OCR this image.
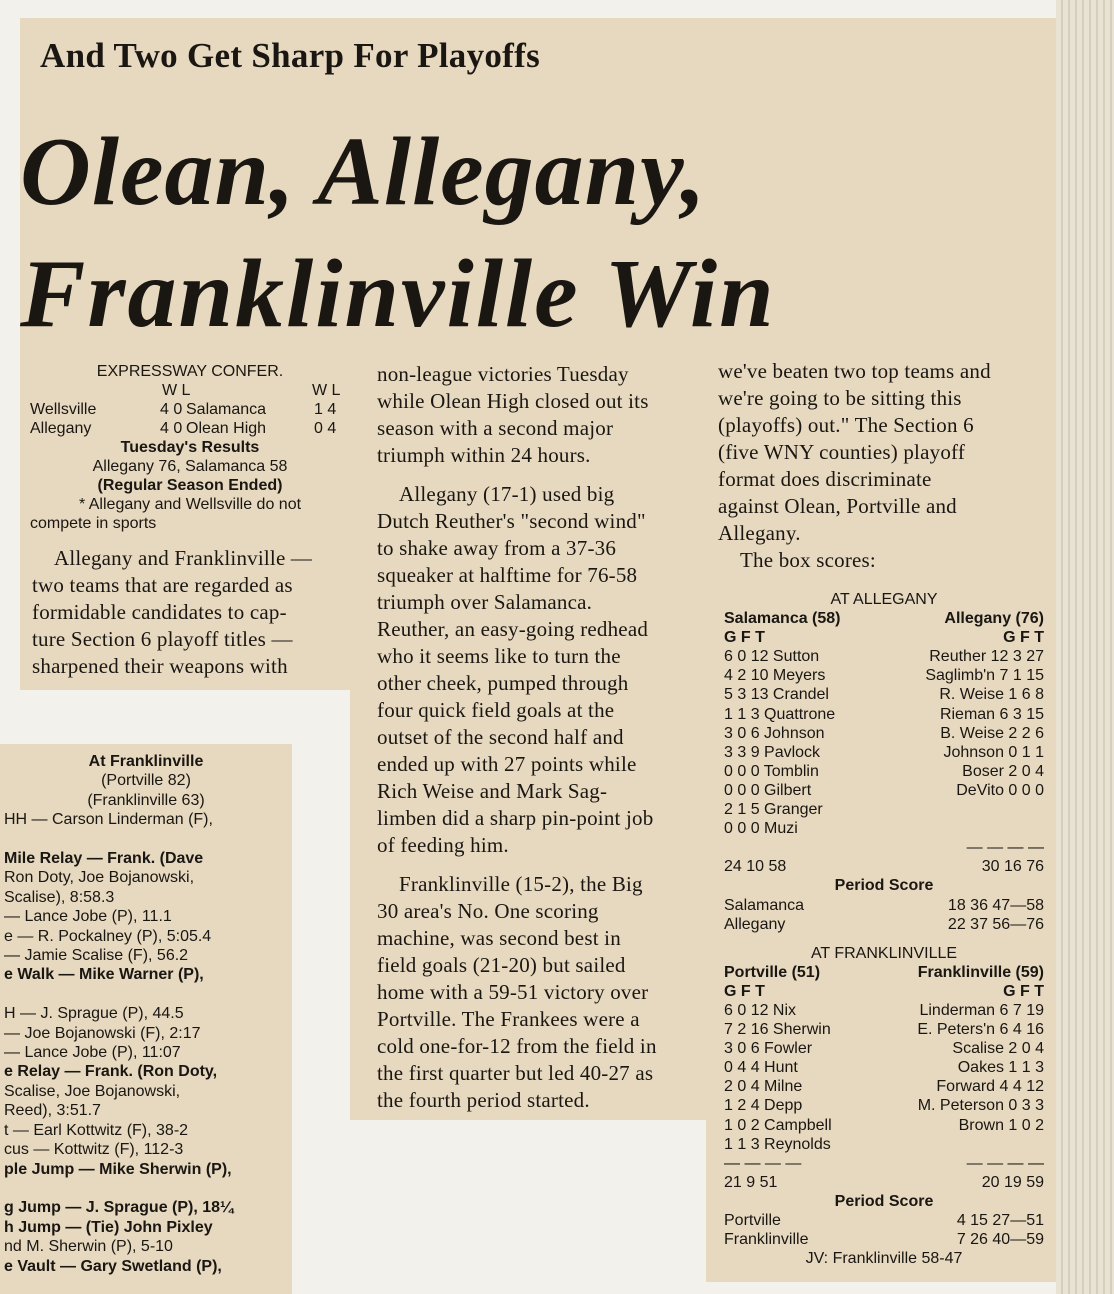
And Two Get Sharp For Playoffs
Olean, Allegany,
Franklinville Win
EXPRESSWAY CONFER.
W L	W L
Wellsville	4 0 Salamanca	1 4
Allegany	4 0 Olean High	0 4
Tuesday's Results
Allegany 76, Salamanca 58
(Regular Season Ended)
* Allegany and Wellsville do not
compete in sports

Allegany and Franklinville —

two teams that are regarded as

formidable candidates to cap-

ture Section 6 playoff titles —

sharpened their weapons with

non-league victories Tuesday

while Olean High closed out its

season with a second major

triumph within 24 hours.

Allegany (17-1) used big

Dutch Reuther's "second wind"

to shake away from a 37-36

squeaker at halftime for 76-58

triumph over Salamanca.

Reuther, an easy-going redhead

who it seems like to turn the

other cheek, pumped through

four quick field goals at the

outset of the second half and

ended up with 27 points while

Rich Weise and Mark Sag-

limben did a sharp pin-point job

of feeding him.

Franklinville (15-2), the Big

30 area's No. One scoring

machine, was second best in

field goals (21-20) but sailed

home with a 59-51 victory over

Portville. The Frankees were a

cold one-for-12 from the field in

the first quarter but led 40-27 as

the fourth period started.

we've beaten two top teams and

we're going to be sitting this

(playoffs) out." The Section 6

(five WNY counties) playoff

format does discriminate

against Olean, Portville and

Allegany.

The box scores:

At Franklinville
(Portville 82)
(Franklinville 63)
HH — Carson Linderman (F),
Mile Relay — Frank. (Dave
Ron Doty, Joe Bojanowski,
Scalise), 8:58.3
— Lance Jobe (P), 11.1
e — R. Pockalney (P), 5:05.4
— Jamie Scalise (F), 56.2
e Walk — Mike Warner (P),
H — J. Sprague (P), 44.5
— Joe Bojanowski (F), 2:17
— Lance Jobe (P), 11:07
e Relay — Frank. (Ron Doty,
Scalise, Joe Bojanowski,
Reed), 3:51.7
t — Earl Kottwitz (F), 38-2
cus — Kottwitz (F), 112-3
ple Jump — Mike Sherwin (P),
g Jump — J. Sprague (P), 18¼
h Jump — (Tie) John Pixley
nd M. Sherwin (P), 5-10
e Vault — Gary Swetland (P),
AT ALLEGANY
Salamanca (58)	Allegany (76)
G F T	G F T
6 0 12 Sutton	Reuther 12 3 27
4 2 10 Meyers	Saglimb'n 7 1 15
5 3 13 Crandel	R. Weise 1 6 8
1 1 3 Quattrone	Rieman 6 3 15
3 0 6 Johnson	B. Weise 2 2 6
3 3 9 Pavlock	Johnson 0 1 1
0 0 0 Tomblin	Boser 2 0 4
0 0 0 Gilbert	DeVito 0 0 0
2 1 5 Granger
0 0 0 Muzi
— — — —
24 10 58	30 16 76
Period Score
Salamanca	18 36 47—58
Allegany	22 37 56—76
AT FRANKLINVILLE
Portville (51)	Franklinville (59)
G F T	G F T
6 0 12 Nix	Linderman 6 7 19
7 2 16 Sherwin	E. Peters'n 6 4 16
3 0 6 Fowler	Scalise 2 0 4
0 4 4 Hunt	Oakes 1 1 3
2 0 4 Milne	Forward 4 4 12
1 2 4 Depp	M. Peterson 0 3 3
1 0 2 Campbell	Brown 1 0 2
1 1 3 Reynolds
— — — —	— — — —
21 9 51	20 19 59
Period Score
Portville	4 15 27—51
Franklinville	7 26 40—59
JV: Franklinville 58-47
